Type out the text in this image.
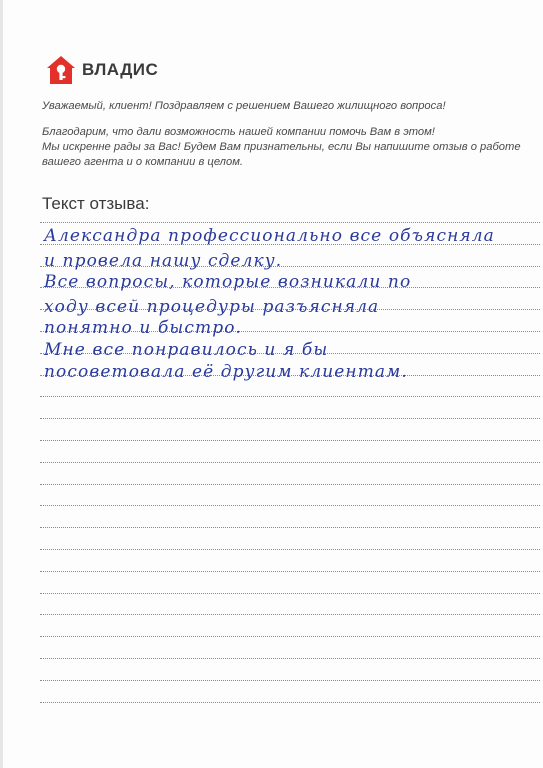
ВЛАДИС
Уважаемый, клиент! Поздравляем с решением Вашего жилищного вопроса!
Благодарим, что дали возможность нашей компании помочь Вам в этом!
Мы искренне рады за Вас! Будем Вам признательны, если Вы напишите отзыв о работе
вашего агента и о компании в целом.
Текст отзыва:
Александра профессионально все объясняла
и провела нашу сделку.
Все вопросы, которые возникали по
ходу всей процедуры разъясняла
понятно и быстро.
Мне все понравилось и я бы
посоветовала её другим клиентам.
